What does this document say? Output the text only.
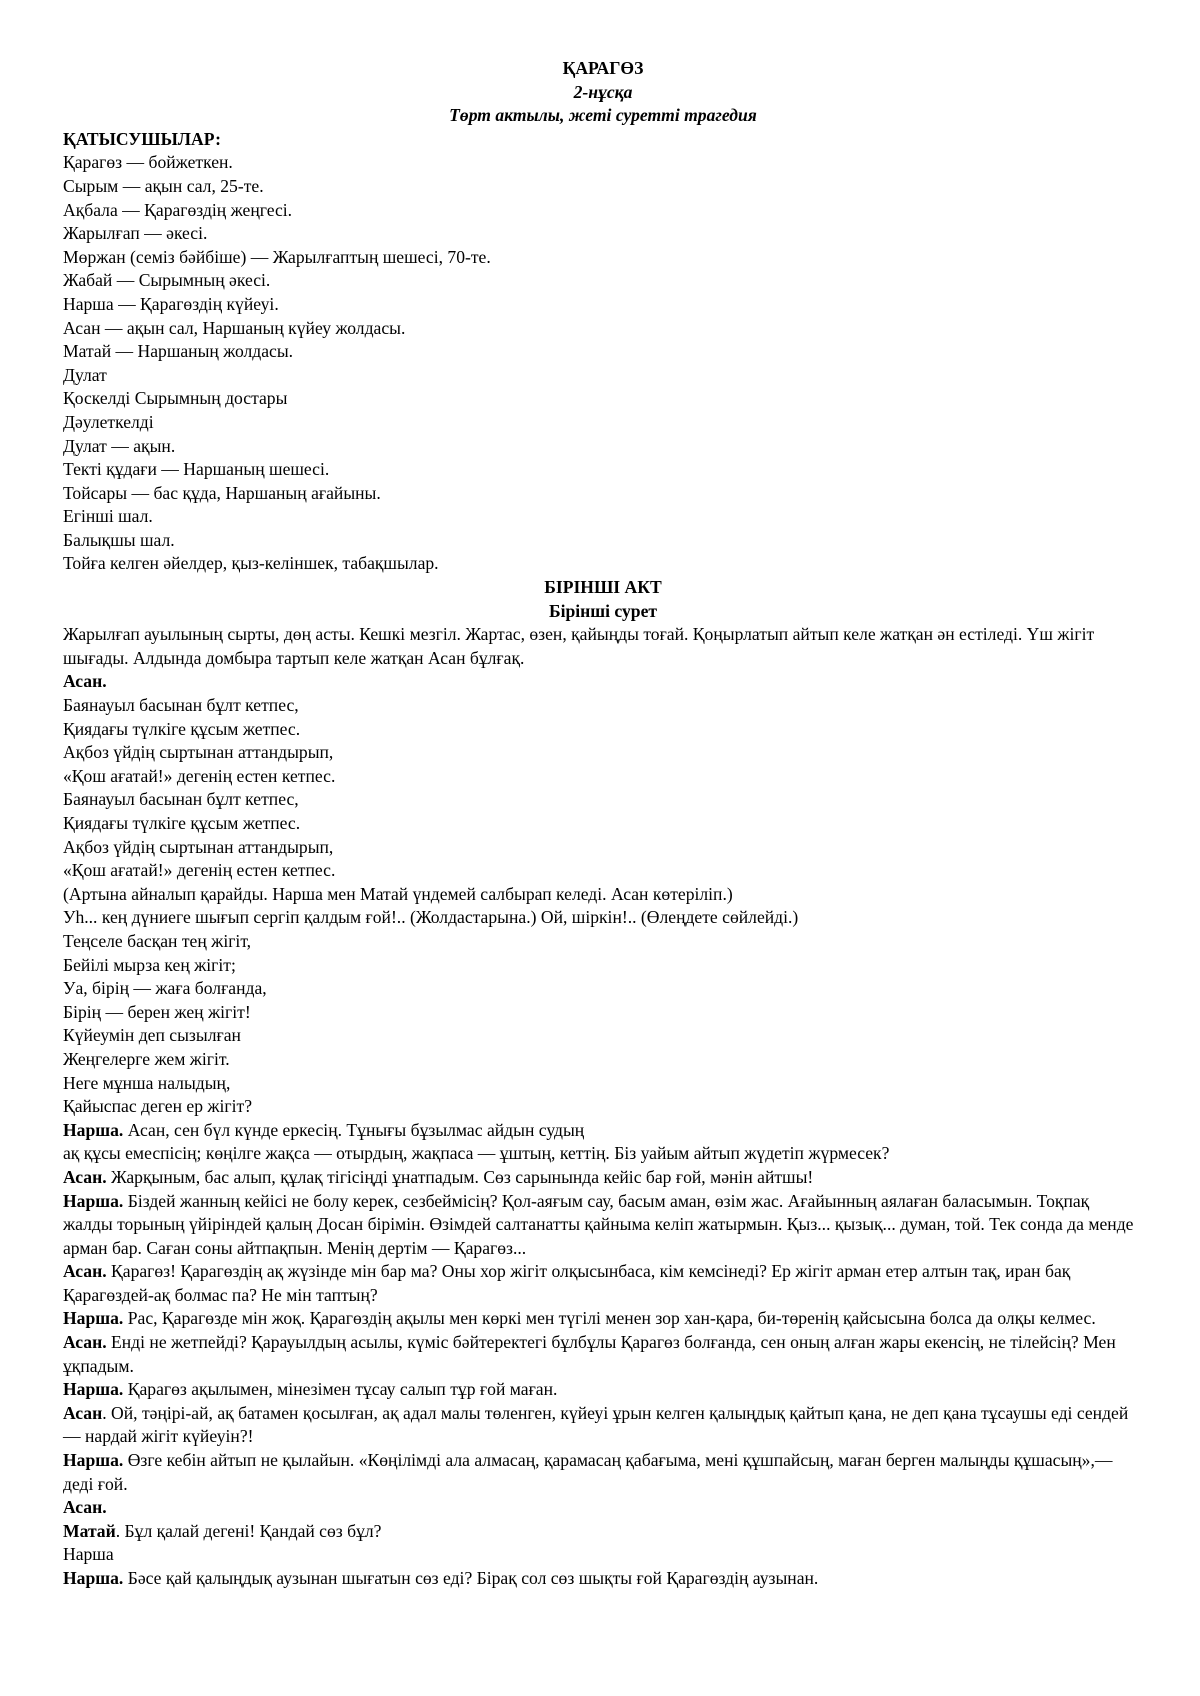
ҚАРАГӨЗ

2-нұсқа

Төрт актылы, жеті суретті трагедия

ҚАТЫСУШЫЛАР:

Қарагөз — бойжеткен.

Сырым — ақын сал, 25-те.

Ақбала — Қарагөздің жеңгесі.

Жарылғап — әкесі.

Мөржан (семіз бәйбіше) — Жарылғаптың шешесі, 70-те.

Жабай — Сырымның әкесі.

Нарша — Қарагөздің күйеуі.

Асан — ақын сал, Наршаның күйеу жолдасы.

Матай — Наршаның жолдасы.

Дулат

Қоскелді Сырымның достары

Дәулеткелді

Дулат — ақын.

Текті құдағи — Наршаның шешесі.

Тойсары — бас құда, Наршаның ағайыны.

Егінші шал.

Балықшы шал.

Тойға келген әйелдер, қыз-келіншек, табақшылар.

БІРІНШІ АКТ

Бірінші сурет

Жарылғап ауылының сырты, дөң асты. Кешкі мезгіл. Жартас, өзен, қайыңды тоғай. Қоңырлатып айтып келе жатқан ән естіледі. Үш жігіт шығады. Алдында домбыра тартып келе жатқан Асан бұлғақ.

Асан.

Баянауыл басынан бұлт кетпес,

Қиядағы түлкіге құсым жетпес.

Ақбоз үйдің сыртынан аттандырып,

«Қош ағатай!» дегенің естен кетпес.

Баянауыл басынан бұлт кетпес,

Қиядағы түлкіге құсым жетпес.

Ақбоз үйдің сыртынан аттандырып,

«Қош ағатай!» дегенің естен кетпес.

(Артына айналып қарайды. Нарша мен Матай үндемей салбырап келеді. Асан көтеріліп.)

Уһ... кең дүниеге шығып сергіп қалдым ғой!.. (Жолдастарына.) Ой, шіркін!.. (Өлеңдете сөйлейді.)

Теңселе басқан тең жігіт,

Бейілі мырза кең жігіт;

Уа, бірің — жаға болғанда,

Бірің — берен жең жігіт!

Күйеумін деп сызылған

Жеңгелерге жем жігіт.

Неге мұнша налыдың,

Қайыспас деген ер жігіт?

Нарша. Асан, сен бүл күнде еркесің. Тұнығы бұзылмас айдын судың

ақ құсы емеспісің; көңілге жақса — отырдың, жақпаса — ұштың, кеттің. Біз уайым айтып жүдетіп жүрмесек?

Асан. Жарқыным, бас алып, құлақ тігісіңді ұнатпадым. Сөз сарынында кейіс бар ғой, мәнін айтшы!

Нарша. Біздей жанның кейісі не болу керек, сезбеймісің? Қол-аяғым сау, басым аман, өзім жас. Ағайынның аялаған баласымын. Тоқпақ жалды торының үйіріндей қалың Досан бірімін. Өзімдей салтанатты қайныма келіп жатырмын. Қыз... қызық... думан, той. Тек сонда да менде арман бар. Саған соны айтпақпын. Менің дертім — Қарагөз...

Асан. Қарагөз! Қарагөздің ақ жүзінде мін бар ма? Оны хор жігіт олқысынбаса, кім кемсінеді? Ер жігіт арман етер алтын тақ, иран бақ Қарагөздей-ақ болмас па? Не мін таптың?

Нарша. Рас, Қарагөзде мін жоқ. Қарагөздің ақылы мен көркі мен түгілі менен зор хан-қара, би-төренің қайсысына болса да олқы келмес.

Асан. Енді не жетпейді? Қарауылдың асылы, күміс бәйтеректегі бұлбұлы Қарагөз болғанда, сен оның алған жары екенсің, не тілейсің? Мен ұқпадым.

Нарша. Қарагөз ақылымен, мінезімен тұсау салып тұр ғой маған.

Асан. Ой, тәңірі-ай, ақ батамен қосылған, ақ адал малы төленген, күйеуі ұрын келген қалыңдық қайтып қана, не деп қана тұсаушы еді сендей — нардай жігіт күйеуін?!

Нарша. Өзге кебін айтып не қылайын. «Көңілімді ала алмасаң, қарамасаң қабағыма, мені құшпайсың, маған берген малыңды құшасың»,—

деді ғой.

Асан.

Матай. Бұл қалай дегені! Қандай сөз бұл?

Нарша

Нарша. Бәсе қай қалыңдық аузынан шығатын сөз еді? Бірақ сол сөз шықты ғой Қарагөздің аузынан.
